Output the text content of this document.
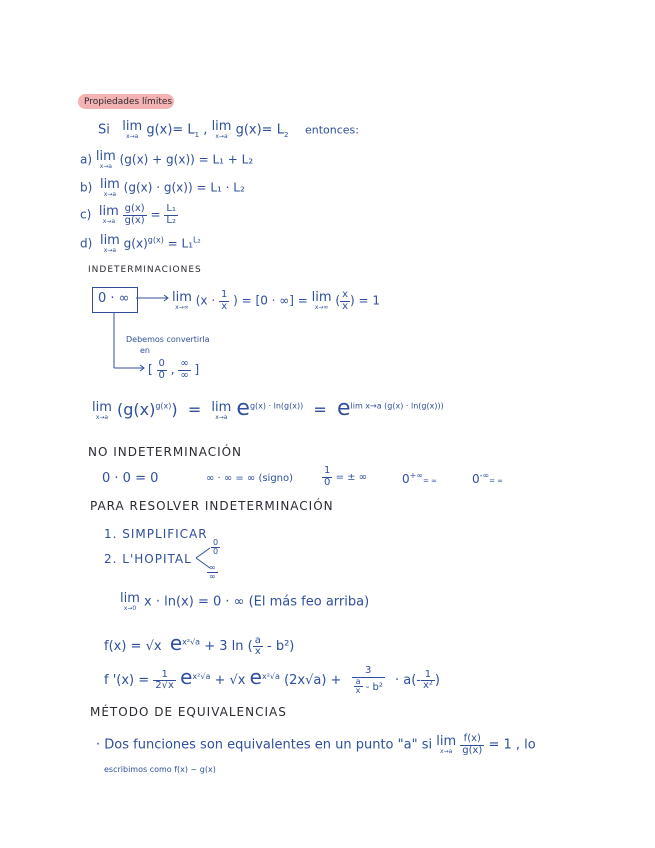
Propiedades límites
Si lim
x→a $g(x)= L_1$ , lim
x→a $g(x)= L_2$ entonces:
a) lim
x→a (g(x) + g(x)) = L₁ + L₂
b) lim
x→a (g(x) · g(x)) = L₁ · L₂
c) lim
x→a
$\frac{g(x)}{g(x)} = \frac{\text{L₁}}{\text{L₂}}$
d) lim
x→a $g(x)^{g(x)} = L_1^{L_2}$
INDETERMINACIONES
0 · ∞	lim
x→∞ ($x \cdot \frac{1}{x}$ ) = [0 · ∞] = lim
x→∞ ( $\frac{x}{x}$ ) = 1
Debemos convertirla
en
[ $\frac{0}{0}$ , $\frac{\infty}{\infty}$ ]
lim
x→a $(g(x)^{g(x)}) = \lim$
x→a $e^{g(x) \cdot ln(g(x))} = e^{lim x\to a (g(x) \cdot ln(g(x)))}$
NO INDETERMINACIÓN
0 · 0 = 0	∞ · ∞ = ∞ (signo)	$\frac{1}{0}$ = ± ∞	0+∞= ∞	0-∞= ∞
PARA RESOLVER INDETERMINACIÓN
1. SIMPLIFICAR
2. L'HOPITAL
$\frac{0}{0}$
$\frac{\infty}{\infty}$
lim
x→0 x · ln(x) = 0 · ∞ (El más feo arriba)
f(x) = √x $e^{x^2√a} + 3$ ln ( $\frac{a}{x} - b^2$)
f '$(x) = \frac{1}{2√x} e^{x^2√a} + √x$ $e^{x^2√a}$ $(2x√a) + \frac{3}{\frac{a}{x} - b^2} \cdot a(- \frac{1}{\text{x²}}$ )
MÉTODO DE EQUIVALENCIAS
· Dos funciones son equivalentes en un punto "a" si lim
x→a
$\frac{f(x)}{g(x)} = 1$ , lo
escribimos como f(x) ~ g(x)
